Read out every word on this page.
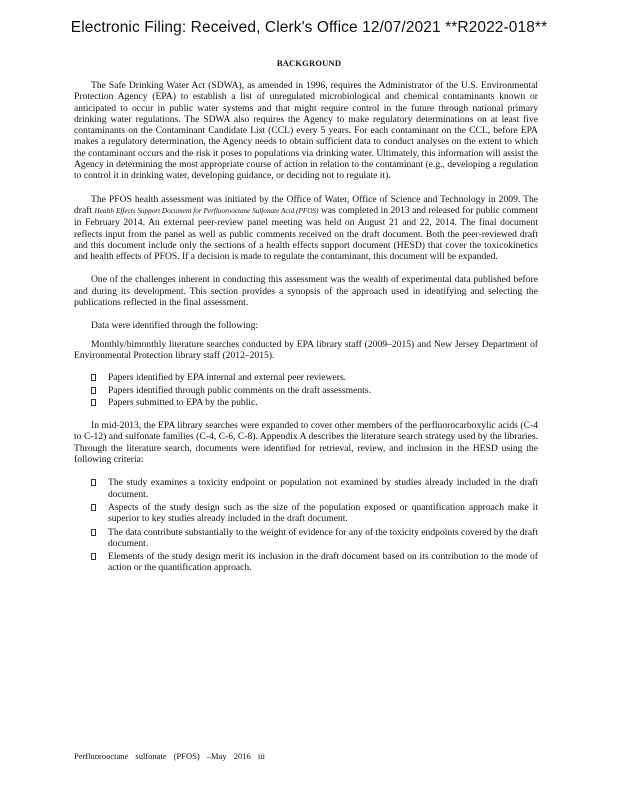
Electronic Filing: Received, Clerk's Office 12/07/2021 **R2022-018**
BACKGROUND

The Safe Drinking Water Act (SDWA), as amended in 1996, requires the Administrator of the U.S. Environmental Protection Agency (EPA) to establish a list of unregulated microbiological and chemical contaminants known or anticipated to occur in public water systems and that might require control in the future through national primary drinking water regulations. The SDWA also requires the Agency to make regulatory determinations on at least five contaminants on the Contaminant Candidate List (CCL) every 5 years. For each contaminant on the CCL, before EPA makes a regulatory determination, the Agency needs to obtain sufficient data to conduct analyses on the extent to which the contaminant occurs and the risk it poses to populations via drinking water. Ultimately, this information will assist the Agency in determining the most appropriate course of action in relation to the contaminant (e.g., developing a regulation to control it in drinking water, developing guidance, or deciding not to regulate it).

The PFOS health assessment was initiated by the Office of Water, Office of Science and Technology in 2009. The draft Health Effects Support Document for Perfluorooctane Sulfonate Acid (PFOS) was completed in 2013 and released for public comment in February 2014. An external peer-review panel meeting was held on August 21 and 22, 2014. The final document reflects input from the panel as well as public comments received on the draft document. Both the peer-reviewed draft and this document include only the sections of a health effects support document (HESD) that cover the toxicokinetics and health effects of PFOS. If a decision is made to regulate the contaminant, this document will be expanded.

One of the challenges inherent in conducting this assessment was the wealth of experimental data published before and during its development. This section provides a synopsis of the approach used in identifying and selecting the publications reflected in the final assessment.

Data were identified through the following:

Monthly/bimonthly literature searches conducted by EPA library staff (2009–2015) and New Jersey Department of Environmental Protection library staff (2012–2015).

Papers identified by EPA internal and external peer reviewers.
Papers identified through public comments on the draft assessments.
Papers submitted to EPA by the public.

In mid-2013, the EPA library searches were expanded to cover other members of the perfluorocarboxylic acids (C-4 to C-12) and sulfonate families (C-4, C-6, C-8). Appendix A describes the literature search strategy used by the libraries. Through the literature search, documents were identified for retrieval, review, and inclusion in the HESD using the following criteria:

The study examines a toxicity endpoint or population not examined by studies already included in the draft document.
Aspects of the study design such as the size of the population exposed or quantification approach make it superior to key studies already included in the draft document.
The data contribute substantially to the weight of evidence for any of the toxicity endpoints covered by the draft document.
Elements of the study design merit its inclusion in the draft document based on its contribution to the mode of action or the quantification approach.
Perfluorooctane sulfonate (PFOS) –May 2016 iii
